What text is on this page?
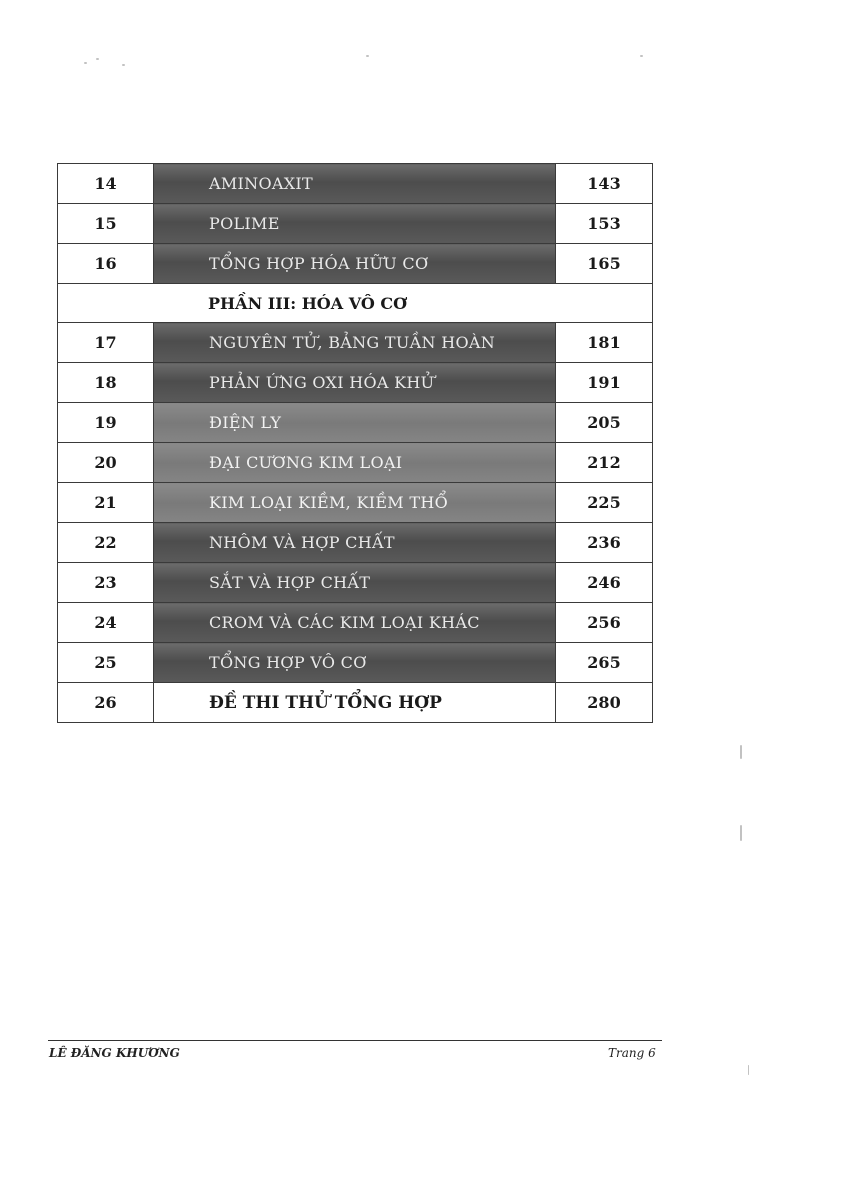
14	AMINOAXIT	143
15	POLIME	153
16	TỔNG HỢP HÓA HỮU CƠ	165
PHẦN III: HÓA VÔ CƠ		
17	NGUYÊN TỬ, BẢNG TUẦN HOÀN	181
18	PHẢN ỨNG OXI HÓA KHỬ	191
19	ĐIỆN LY	205
20	ĐẠI CƯƠNG KIM LOẠI	212
21	KIM LOẠI KIỀM, KIỀM THỔ	225
22	NHÔM VÀ HỢP CHẤT	236
23	SẮT VÀ HỢP CHẤT	246
24	CROM VÀ CÁC KIM LOẠI KHÁC	256
25	TỔNG HỢP VÔ CƠ	265
26	ĐỀ THI THỬ TỔNG HỢP	280
LÊ ĐĂNG KHƯƠNG	Trang 6
